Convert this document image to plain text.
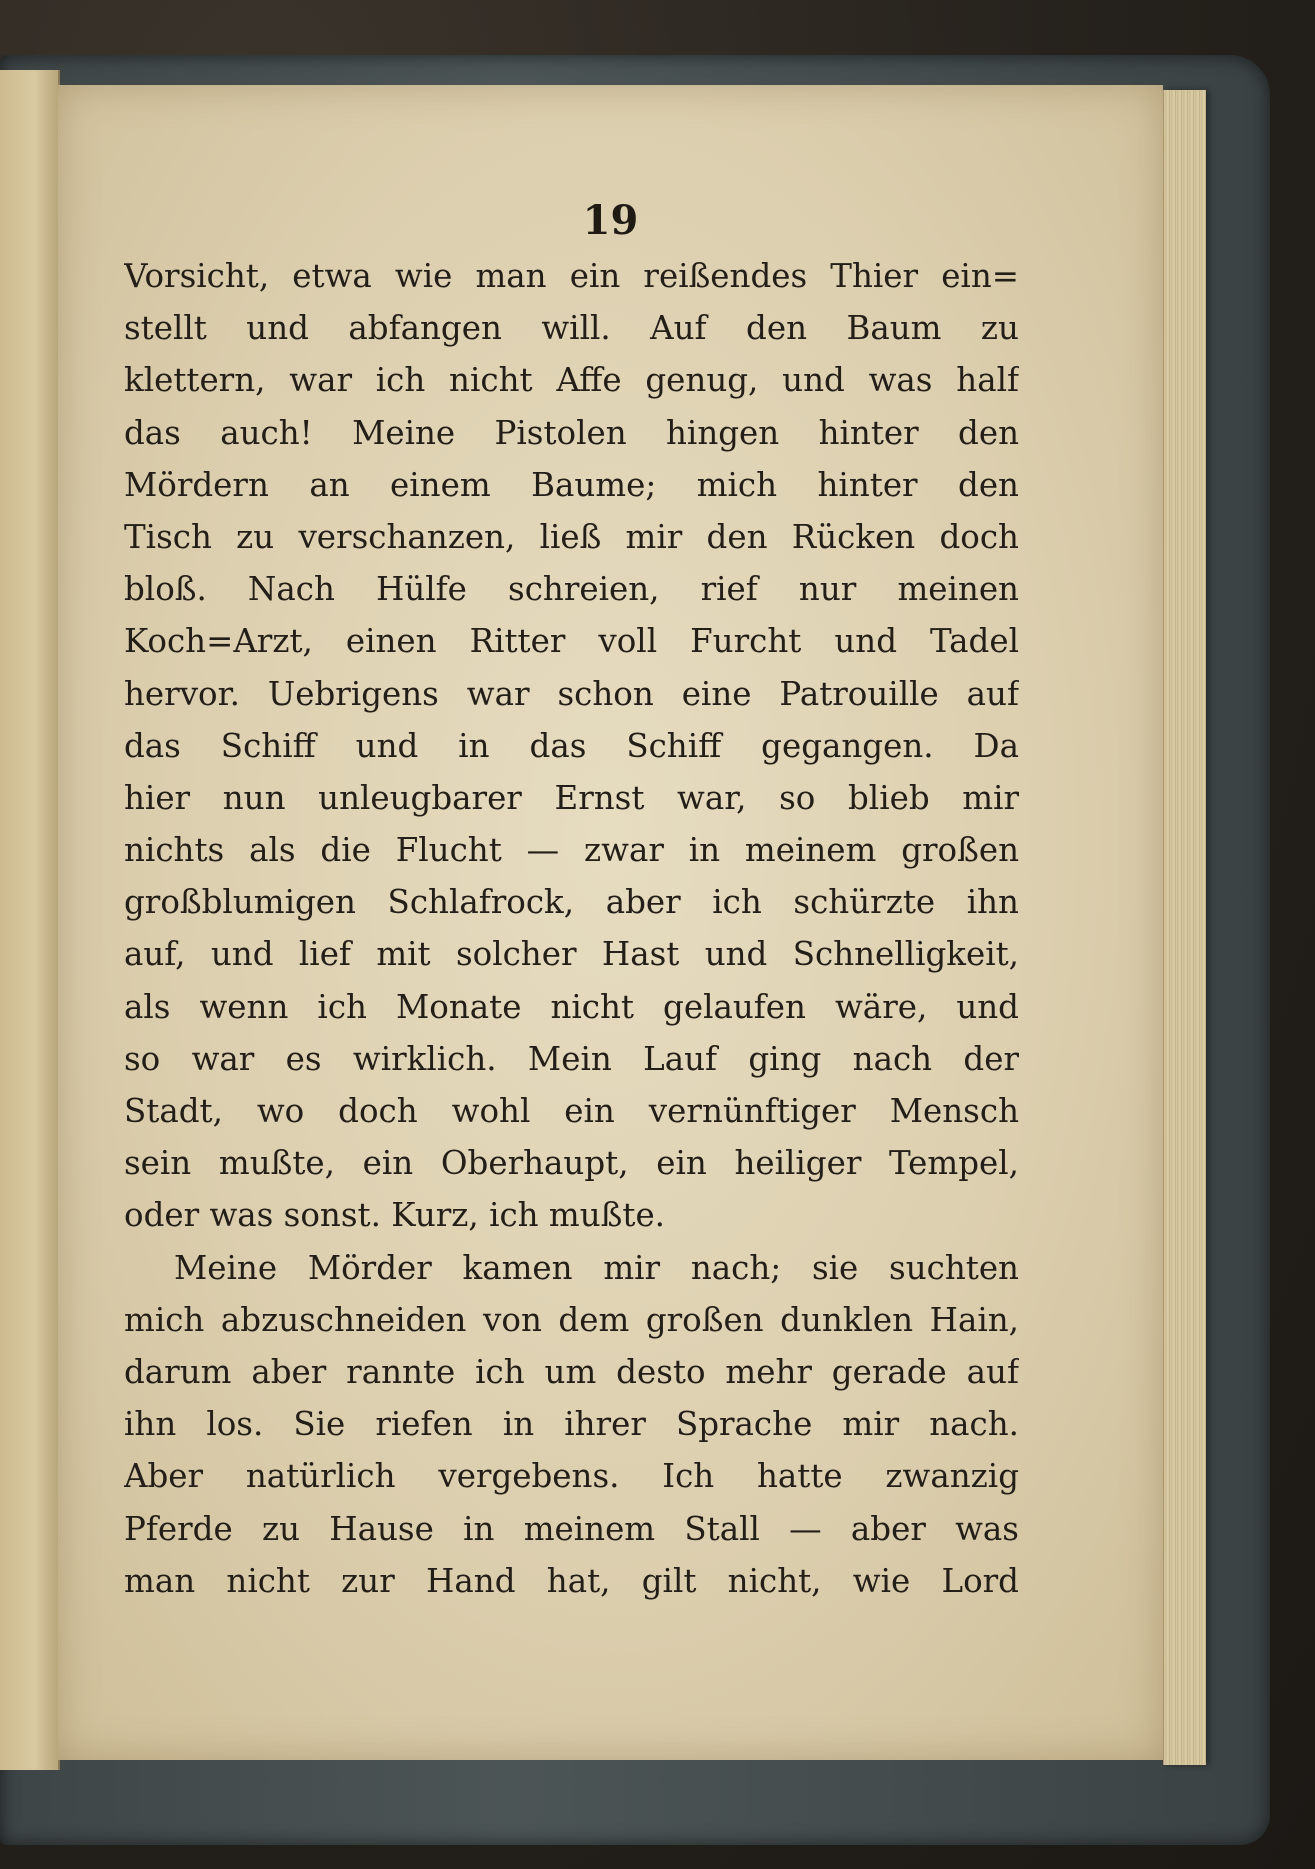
19
Vorsicht, etwa wie man ein reißendes Thier ein=
stellt und abfangen will. Auf den Baum zu
klettern, war ich nicht Affe genug, und was half
das auch! Meine Pistolen hingen hinter den
Mördern an einem Baume; mich hinter den
Tisch zu verschanzen, ließ mir den Rücken doch
bloß. Nach Hülfe schreien, rief nur meinen
Koch=Arzt, einen Ritter voll Furcht und Tadel
hervor. Uebrigens war schon eine Patrouille auf
das Schiff und in das Schiff gegangen. Da
hier nun unleugbarer Ernst war, so blieb mir
nichts als die Flucht — zwar in meinem großen
großblumigen Schlafrock, aber ich schürzte ihn
auf, und lief mit solcher Hast und Schnelligkeit,
als wenn ich Monate nicht gelaufen wäre, und
so war es wirklich. Mein Lauf ging nach der
Stadt, wo doch wohl ein vernünftiger Mensch
sein mußte, ein Oberhaupt, ein heiliger Tempel,
oder was sonst. Kurz, ich mußte.
Meine Mörder kamen mir nach; sie suchten
mich abzuschneiden von dem großen dunklen Hain,
darum aber rannte ich um desto mehr gerade auf
ihn los. Sie riefen in ihrer Sprache mir nach.
Aber natürlich vergebens. Ich hatte zwanzig
Pferde zu Hause in meinem Stall — aber was
man nicht zur Hand hat, gilt nicht, wie Lord
